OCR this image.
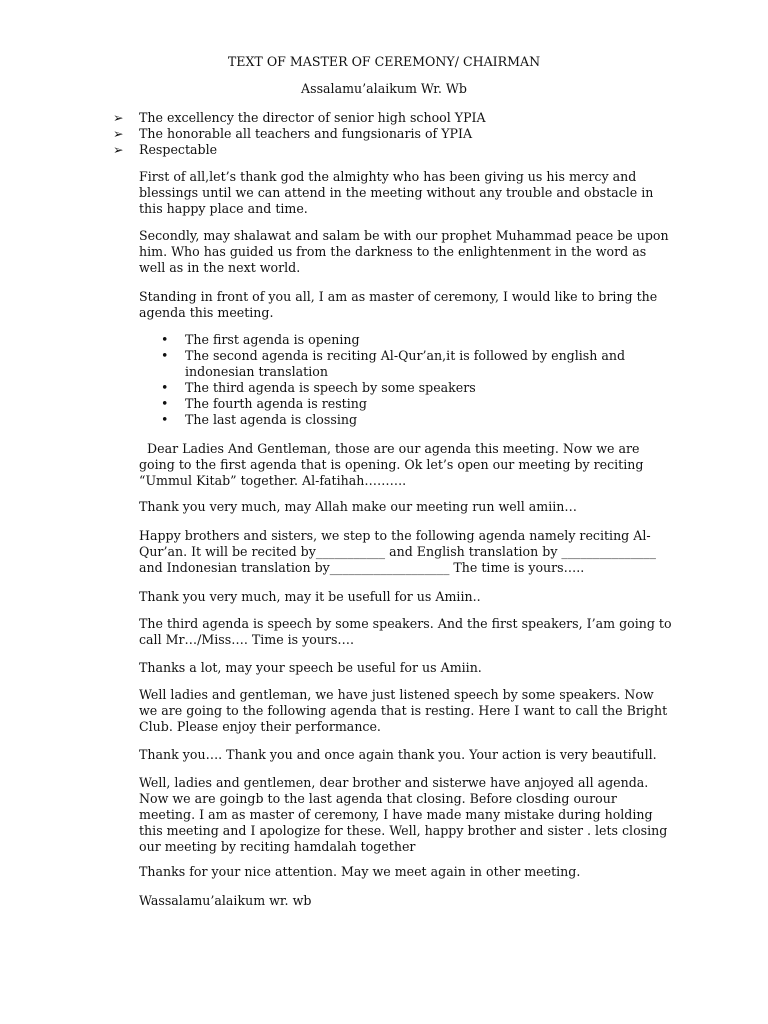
TEXT OF MASTER OF CEREMONY/ CHAIRMAN
Assalamu’alaikum Wr. Wb
➢ The excellency the director of senior high school YPIA
➢ The honorable all teachers and fungsionaris of YPIA
➢ Respectable

First of all,let’s thank god the almighty who has been giving us his mercy and blessings until we can attend in the meeting without any trouble and obstacle in this happy place and time.

Secondly, may shalawat and salam be with our prophet Muhammad peace be upon him. Who has guided us from the darkness to the enlightenment in the word as well as in the next world.

Standing in front of you all, I am as master of ceremony, I would like to bring the agenda this meeting.

• The first agenda is opening
• The second agenda is reciting Al-Qur’an,it is followed by english and indonesian translation
• The third agenda is speech by some speakers
• The fourth agenda is resting
• The last agenda is clossing

Dear Ladies And Gentleman, those are our agenda this meeting. Now we are going to the first agenda that is opening. Ok let’s open our meeting by reciting “Ummul Kitab” together. Al-fatihah……….

Thank you very much, may Allah make our meeting run well amiin…

Happy brothers and sisters, we step to the following agenda namely reciting Al-Qur’an. It will be recited by___________ and English translation by _______________ and Indonesian translation by___________________ The time is yours…..

Thank you very much, may it be usefull for us Amiin..

The third agenda is speech by some speakers. And the first speakers, I’am going to call Mr…/Miss…. Time is yours….

Thanks a lot, may your speech be useful for us Amiin.

Well ladies and gentleman, we have just listened speech by some speakers. Now we are going to the following agenda that is resting. Here I want to call the Bright Club. Please enjoy their performance.

Thank you…. Thank you and once again thank you. Your action is very beautifull.

Well, ladies and gentlemen, dear brother and sisterwe have anjoyed all agenda. Now we are goingb to the last agenda that closing. Before closding ourour meeting. I am as master of ceremony, I have made many mistake during holding this meeting and I apologize for these. Well, happy brother and sister . lets closing our meeting by reciting hamdalah together

Thanks for your nice attention. May we meet again in other meeting.

Wassalamu’alaikum wr. wb
